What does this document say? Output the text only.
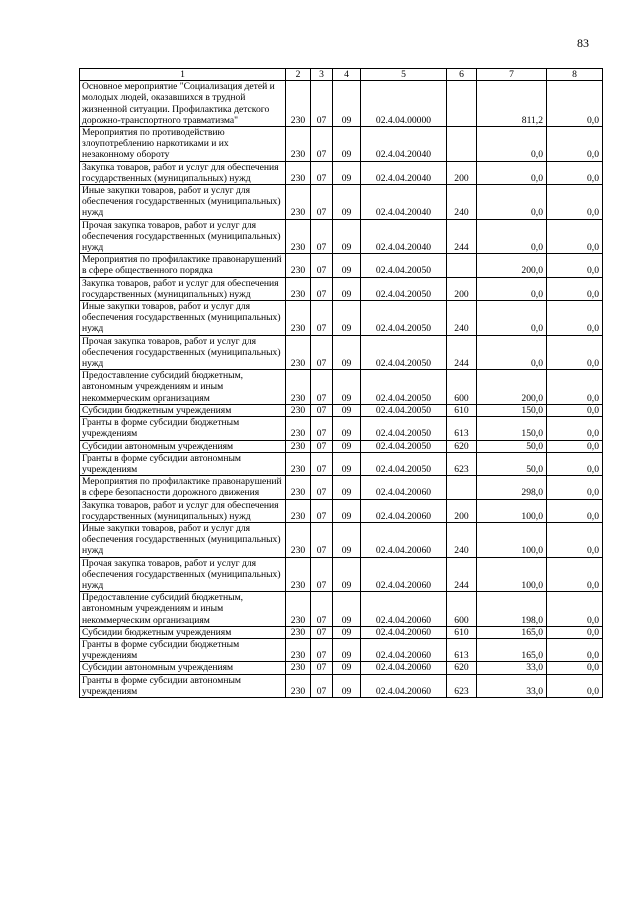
83
1	2	3	4	5	6	7	8
Основное мероприятие "Социализация детей и молодых людей, оказавшихся в трудной жизненной ситуации. Профилактика детского дорожно-транспортного травматизма"	230	07	09	02.4.04.00000		811,2	0,0
Мероприятия по противодействию злоупотреблению наркотиками и их незаконному обороту	230	07	09	02.4.04.20040		0,0	0,0
Закупка товаров, работ и услуг для обеспечения государственных (муниципальных) нужд	230	07	09	02.4.04.20040	200	0,0	0,0
Иные закупки товаров, работ и услуг для обеспечения государственных (муниципальных) нужд	230	07	09	02.4.04.20040	240	0,0	0,0
Прочая закупка товаров, работ и услуг для обеспечения государственных (муниципальных) нужд	230	07	09	02.4.04.20040	244	0,0	0,0
Мероприятия по профилактике правонарушений в сфере общественного порядка	230	07	09	02.4.04.20050		200,0	0,0
Закупка товаров, работ и услуг для обеспечения государственных (муниципальных) нужд	230	07	09	02.4.04.20050	200	0,0	0,0
Иные закупки товаров, работ и услуг для обеспечения государственных (муниципальных) нужд	230	07	09	02.4.04.20050	240	0,0	0,0
Прочая закупка товаров, работ и услуг для обеспечения государственных (муниципальных) нужд	230	07	09	02.4.04.20050	244	0,0	0,0
Предоставление субсидий бюджетным, автономным учреждениям и иным некоммерческим организациям	230	07	09	02.4.04.20050	600	200,0	0,0
Субсидии бюджетным учреждениям	230	07	09	02.4.04.20050	610	150,0	0,0
Гранты в форме субсидии бюджетным учреждениям	230	07	09	02.4.04.20050	613	150,0	0,0
Субсидии автономным учреждениям	230	07	09	02.4.04.20050	620	50,0	0,0
Гранты в форме субсидии автономным учреждениям	230	07	09	02.4.04.20050	623	50,0	0,0
Мероприятия по профилактике правонарушений в сфере безопасности дорожного движения	230	07	09	02.4.04.20060		298,0	0,0
Закупка товаров, работ и услуг для обеспечения государственных (муниципальных) нужд	230	07	09	02.4.04.20060	200	100,0	0,0
Иные закупки товаров, работ и услуг для обеспечения государственных (муниципальных) нужд	230	07	09	02.4.04.20060	240	100,0	0,0
Прочая закупка товаров, работ и услуг для обеспечения государственных (муниципальных) нужд	230	07	09	02.4.04.20060	244	100,0	0,0
Предоставление субсидий бюджетным, автономным учреждениям и иным некоммерческим организациям	230	07	09	02.4.04.20060	600	198,0	0,0
Субсидии бюджетным учреждениям	230	07	09	02.4.04.20060	610	165,0	0,0
Гранты в форме субсидии бюджетным учреждениям	230	07	09	02.4.04.20060	613	165,0	0,0
Субсидии автономным учреждениям	230	07	09	02.4.04.20060	620	33,0	0,0
Гранты в форме субсидии автономным учреждениям	230	07	09	02.4.04.20060	623	33,0	0,0
